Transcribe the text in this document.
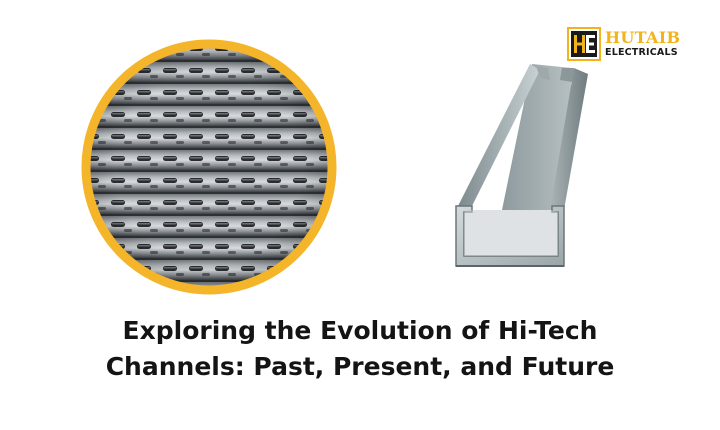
HUTAIB
ELECTRICALS
Exploring the Evolution of Hi-Tech
Channels: Past, Present, and Future
